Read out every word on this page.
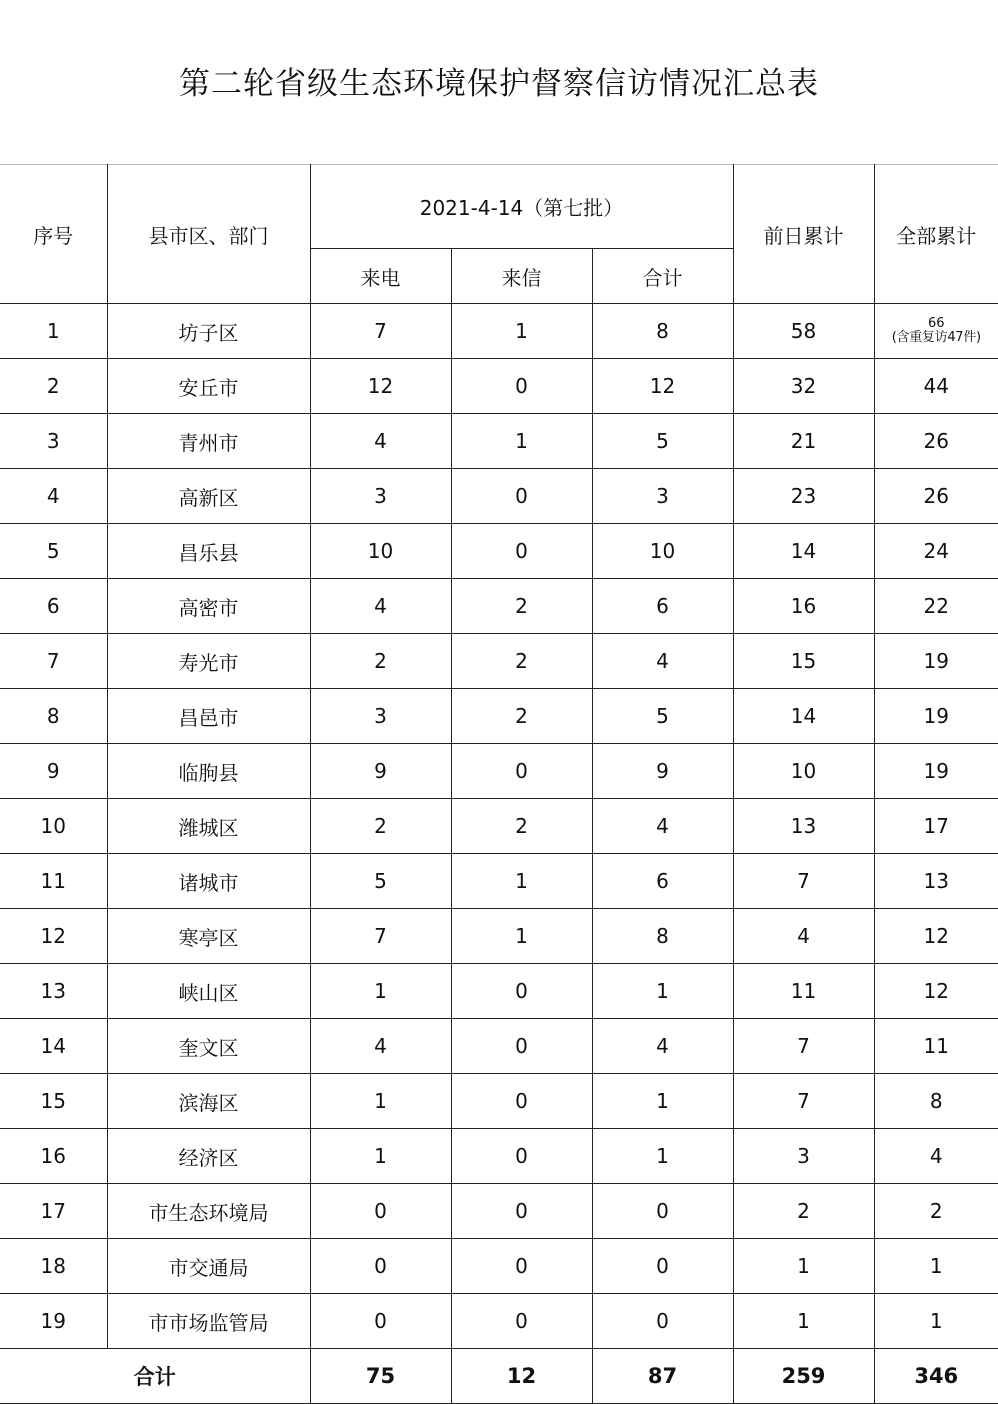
第二轮省级生态环境保护督察信访情况汇总表
序号	县市区、部门	2021-4-14（第七批）			前日累计	全部累计
		来电	来信	合计		
1	坊子区	7	1	8	58	66
(含重复访47件)

2	安丘市	12	0	12	32	44
3	青州市	4	1	5	21	26
4	高新区	3	0	3	23	26
5	昌乐县	10	0	10	14	24
6	高密市	4	2	6	16	22
7	寿光市	2	2	4	15	19
8	昌邑市	3	2	5	14	19
9	临朐县	9	0	9	10	19
10	潍城区	2	2	4	13	17
11	诸城市	5	1	6	7	13
12	寒亭区	7	1	8	4	12
13	峡山区	1	0	1	11	12
14	奎文区	4	0	4	7	11
15	滨海区	1	0	1	7	8
16	经济区	1	0	1	3	4
17	市生态环境局	0	0	0	2	2
18	市交通局	0	0	0	1	1
19	市市场监管局	0	0	0	1	1
合计		75	12	87	259	346
